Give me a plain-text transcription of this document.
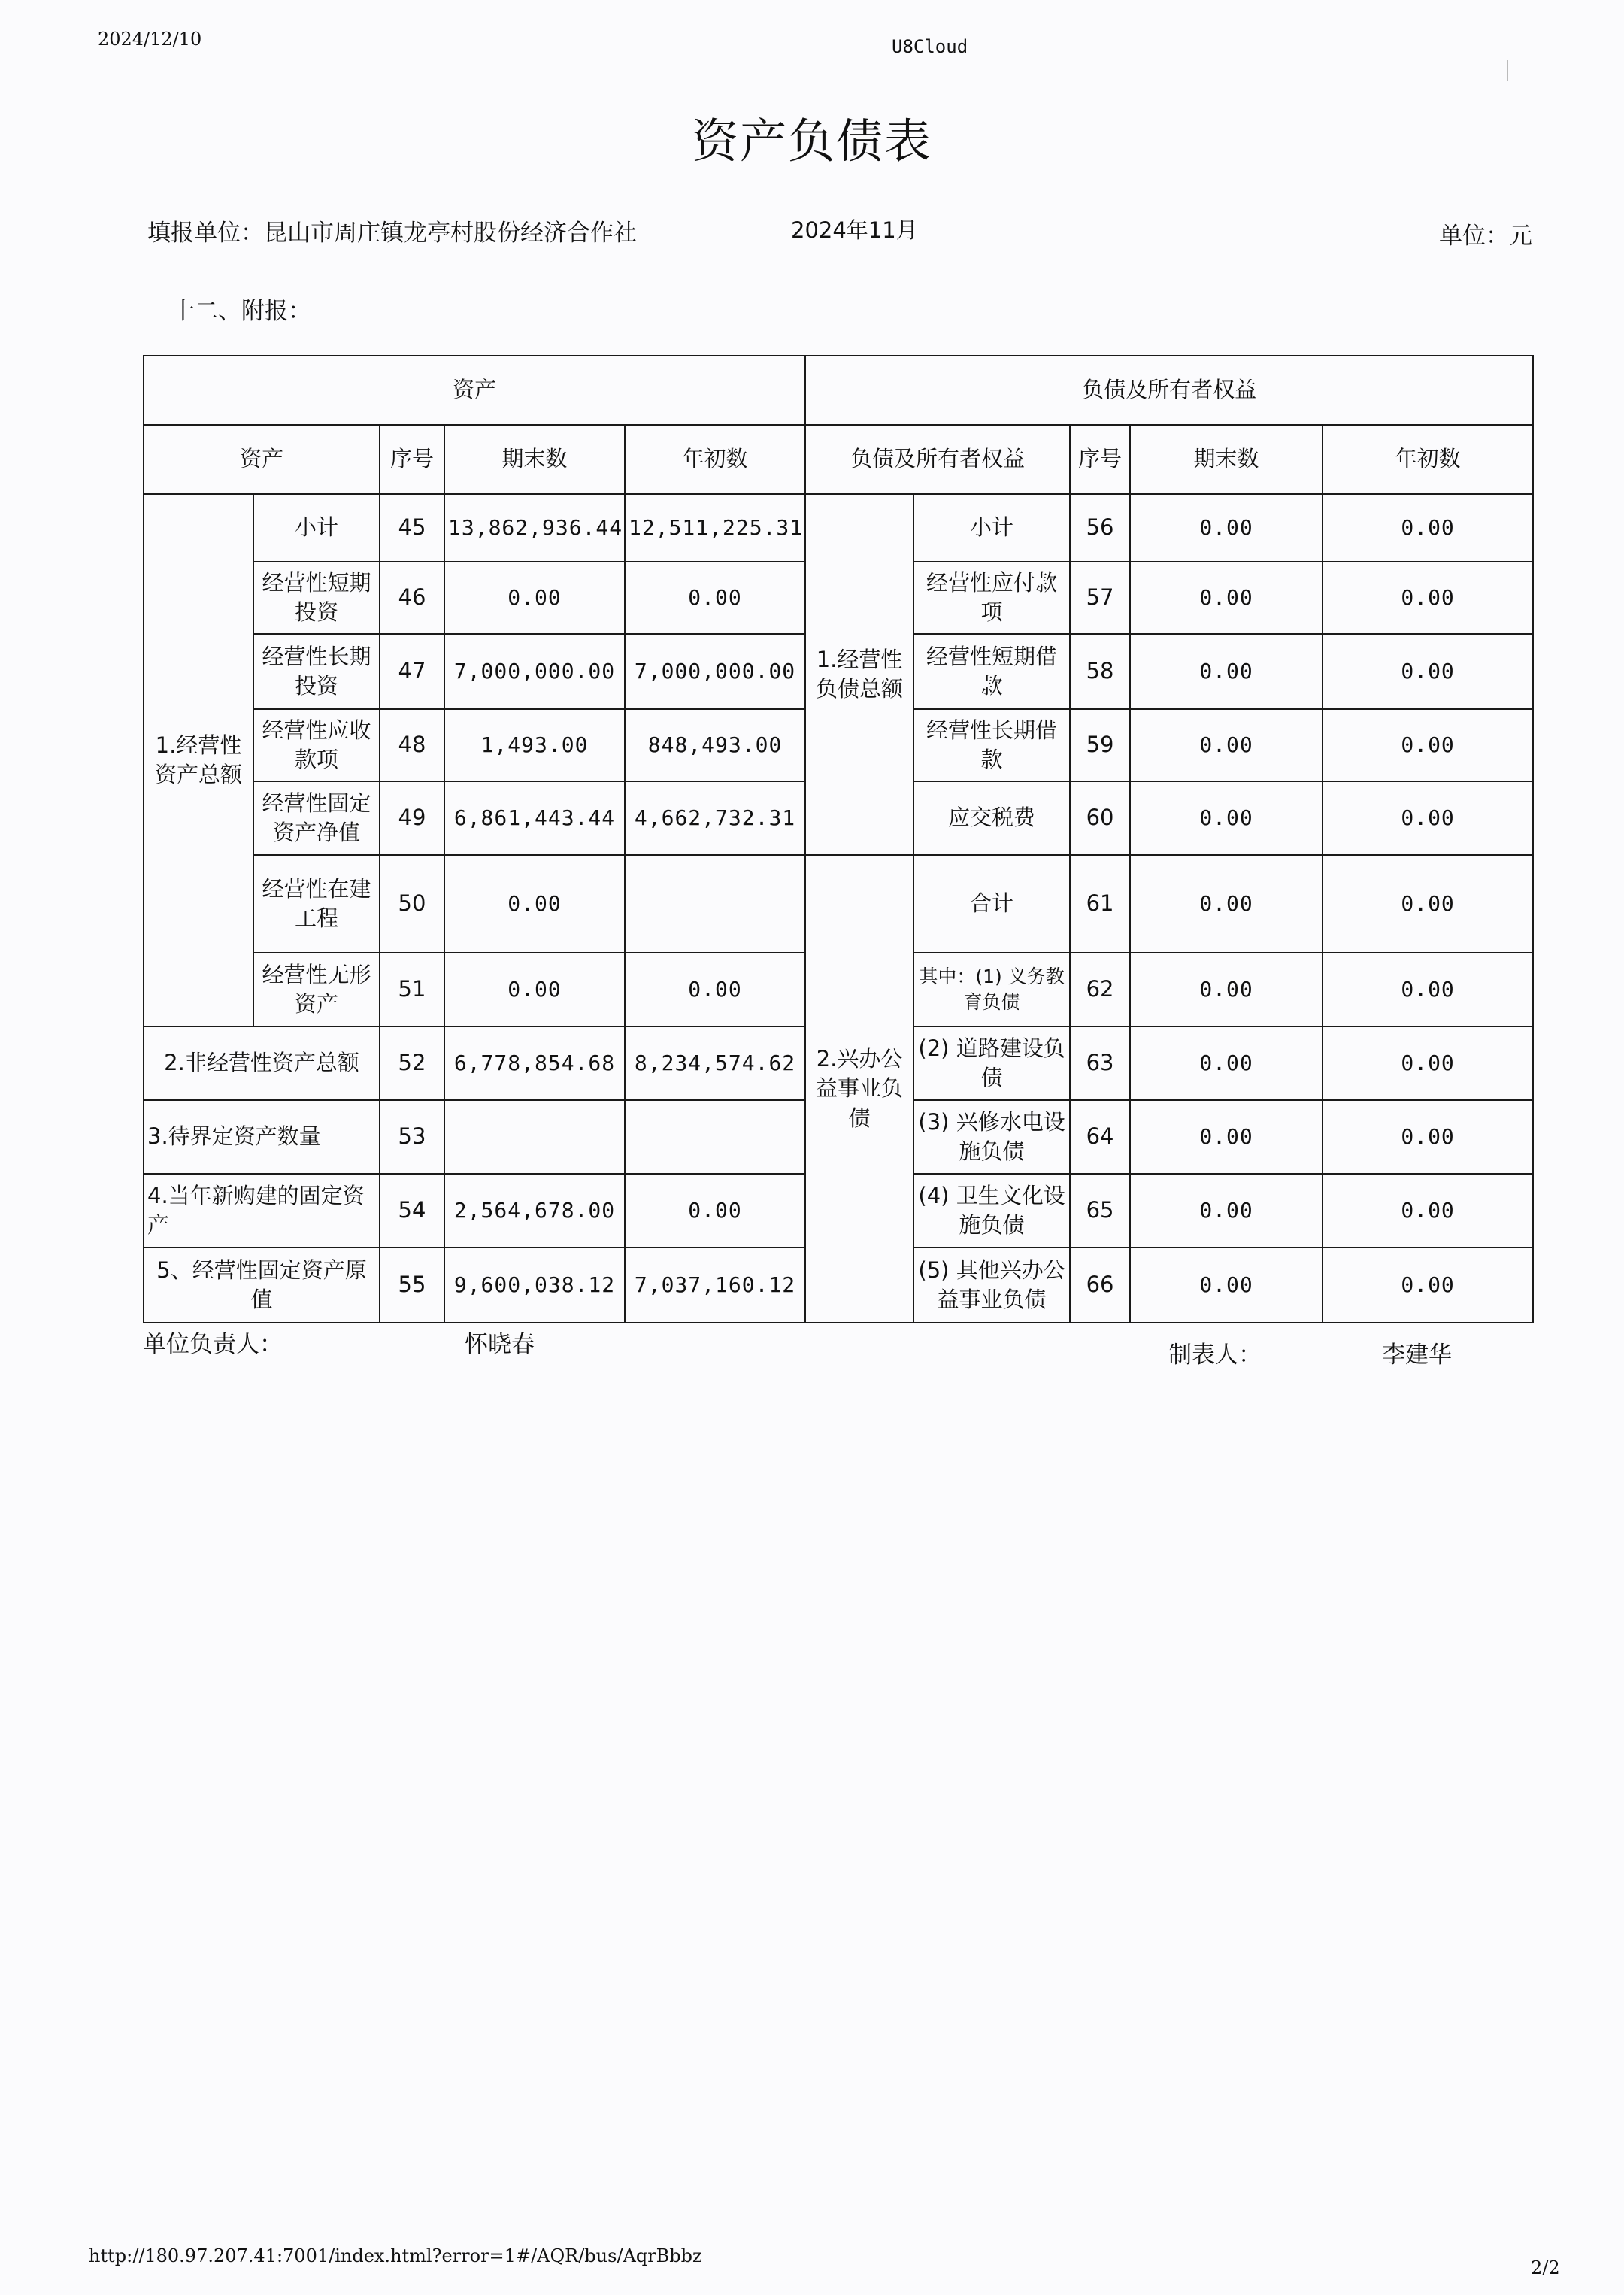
2024/12/10	U8Cloud
资产负债表
填报单位：昆山市周庄镇龙亭村股份经济合作社	2024年11月	单位：元
十二、附报：
资产					负债及所有者权益				
资产		序号	期末数	年初数	负债及所有者权益		序号	期末数	年初数
1.经营性资产总额	小计	45	13,862,936.44	12,511,225.31	1.经营性负债总额	小计	56	0.00	0.00
	经营性短期投资	46	0.00	0.00		经营性应付款项	57	0.00	0.00
	经营性长期投资	47	7,000,000.00	7,000,000.00		经营性短期借款	58	0.00	0.00
	经营性应收款项	48	1,493.00	848,493.00		经营性长期借款	59	0.00	0.00
	经营性固定资产净值	49	6,861,443.44	4,662,732.31		应交税费	60	0.00	0.00
	经营性在建工程	50	0.00		2.兴办公益事业负债	合计	61	0.00	0.00
	经营性无形资产	51	0.00	0.00		其中：(1) 义务教育负债	62	0.00	0.00
2.非经营性资产总额		52	6,778,854.68	8,234,574.62		(2) 道路建设负债	63	0.00	0.00
3.待界定资产数量		53				(3) 兴修水电设施负债	64	0.00	0.00
4.当年新购建的固定资产		54	2,564,678.00	0.00		(4) 卫生文化设施负债	65	0.00	0.00
5、经营性固定资产原值		55	9,600,038.12	7,037,160.12		(5) 其他兴办公益事业负债	66	0.00	0.00
单位负责人：	怀晓春	制表人：	李建华
http://180.97.207.41:7001/index.html?error=1#/AQR/bus/AqrBbbz
2/2
